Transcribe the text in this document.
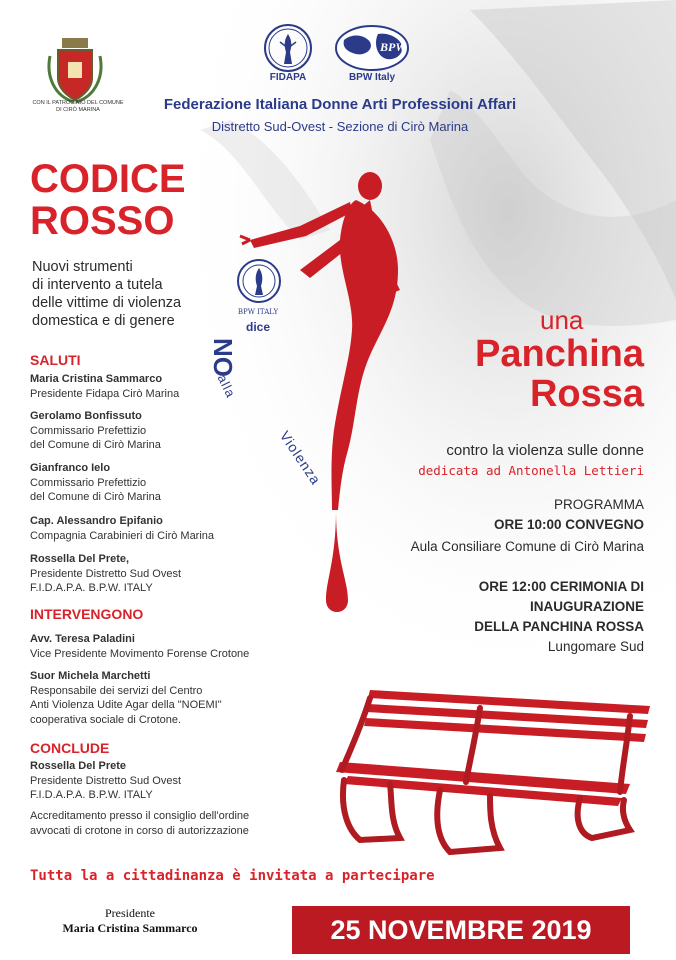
CON IL PATROCINIO DEL COMUNE DI CIRÒ MARINA
BPW
FIDAPA	BPW Italy
Federazione Italiana Donne Arti Professioni Affari
Distretto Sud-Ovest - Sezione di Cirò Marina
BPW ITALY
dice
NO
alla
Violenza
CODICE
ROSSO
Nuovi strumenti
di intervento a tutela
delle vittime di violenza
domestica e di genere
SALUTI
Maria Cristina Sammarco
Presidente Fidapa Cirò Marina
Gerolamo Bonfissuto
Commissario Prefettizio
del Comune di Cirò Marina
Gianfranco Ielo
Commissario Prefettizio
del Comune di Cirò Marina
Cap. Alessandro Epifanio
Compagnia Carabinieri di Cirò Marina
Rossella Del Prete,
Presidente Distretto Sud Ovest
F.I.D.A.P.A. B.P.W. ITALY
INTERVENGONO
Avv. Teresa Paladini
Vice Presidente Movimento Forense Crotone
Suor Michela Marchetti
Responsabile dei servizi del Centro
Anti Violenza Udite Agar della "NOEMI"
cooperativa sociale di Crotone.
CONCLUDE
Rossella Del Prete
Presidente Distretto Sud Ovest
F.I.D.A.P.A. B.P.W. ITALY
Accreditamento presso il consiglio dell'ordine
avvocati di crotone in corso di autorizzazione
una
Panchina
Rossa
contro la violenza sulle donne
dedicata ad Antonella Lettieri
PROGRAMMA
ORE 10:00 CONVEGNO
Aula Consiliare Comune di Cirò Marina
ORE 12:00 CERIMONIA DI
INAUGURAZIONE
DELLA PANCHINA ROSSA
Lungomare Sud
Tutta la a cittadinanza è invitata a partecipare
Presidente
Maria Cristina Sammarco	25 NOVEMBRE 2019
